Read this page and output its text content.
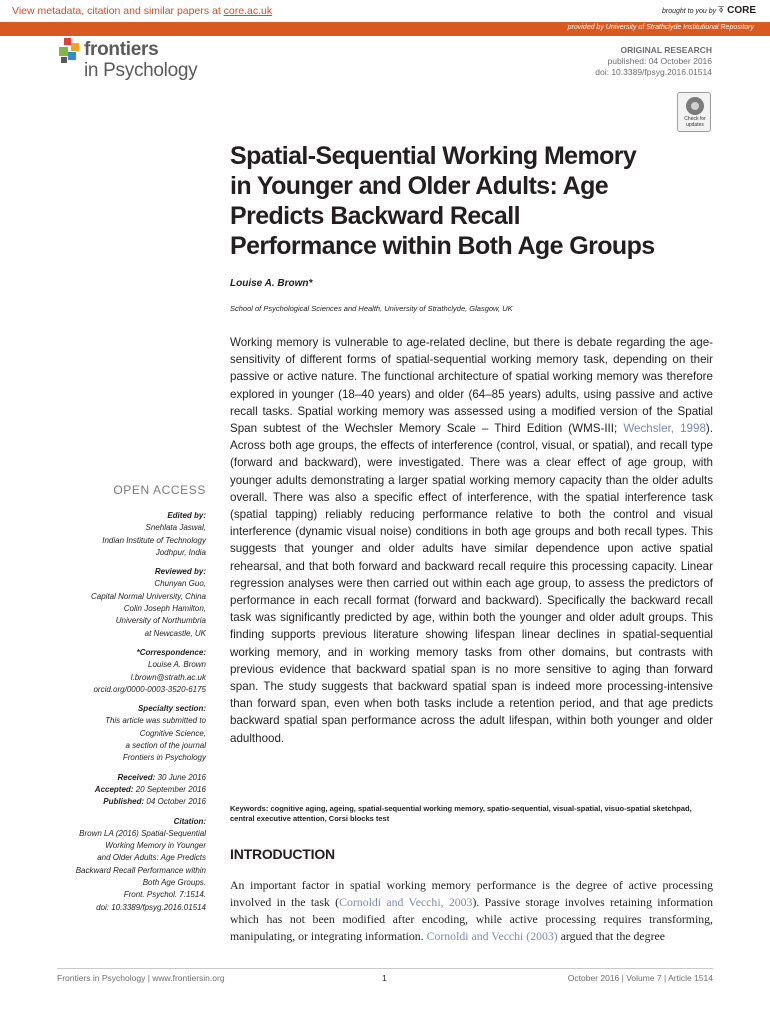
View metadata, citation and similar papers at core.ac.uk	brought to you by ⍕ CORE
provided by University of Strathclyde Institutional Repository
frontiers
in Psychology
ORIGINAL RESEARCH
published: 04 October 2016
doi: 10.3389/fpsyg.2016.01514
Check for
updates
Spatial-Sequential Working Memory
in Younger and Older Adults: Age
Predicts Backward Recall
Performance within Both Age Groups
Louise A. Brown*
School of Psychological Sciences and Health, University of Strathclyde, Glasgow, UK
Working memory is vulnerable to age-related decline, but there is debate regarding the age-sensitivity of different forms of spatial-sequential working memory task, depending on their passive or active nature. The functional architecture of spatial working memory was therefore explored in younger (18–40 years) and older (64–85 years) adults, using passive and active recall tasks. Spatial working memory was assessed using a modified version of the Spatial Span subtest of the Wechsler Memory Scale – Third Edition (WMS-III; Wechsler, 1998). Across both age groups, the effects of interference (control, visual, or spatial), and recall type (forward and backward), were investigated. There was a clear effect of age group, with younger adults demonstrating a larger spatial working memory capacity than the older adults overall. There was also a specific effect of interference, with the spatial interference task (spatial tapping) reliably reducing performance relative to both the control and visual interference (dynamic visual noise) conditions in both age groups and both recall types. This suggests that younger and older adults have similar dependence upon active spatial rehearsal, and that both forward and backward recall require this processing capacity. Linear regression analyses were then carried out within each age group, to assess the predictors of performance in each recall format (forward and backward). Specifically the backward recall task was significantly predicted by age, within both the younger and older adult groups. This finding supports previous literature showing lifespan linear declines in spatial-sequential working memory, and in working memory tasks from other domains, but contrasts with previous evidence that backward spatial span is no more sensitive to aging than forward span. The study suggests that backward spatial span is indeed more processing-intensive than forward span, even when both tasks include a retention period, and that age predicts backward spatial span performance across the adult lifespan, within both younger and older adulthood.
Keywords: cognitive aging, ageing, spatial-sequential working memory, spatio-sequential, visual-spatial, visuo-spatial sketchpad, central executive attention, Corsi blocks test
OPEN ACCESS
Edited by:
Snehlata Jaswal,
Indian Institute of Technology
Jodhpur, India
Reviewed by:
Chunyan Guo,
Capital Normal University, China
Colin Joseph Hamilton,
University of Northumbria
at Newcastle, UK
*Correspondence:
Louise A. Brown
l.brown@strath.ac.uk
orcid.org/0000-0003-3520-6175
Specialty section:
This article was submitted to
Cognitive Science,
a section of the journal
Frontiers in Psychology
Received: 30 June 2016
Accepted: 20 September 2016
Published: 04 October 2016
Citation:
Brown LA (2016) Spatial-Sequential
Working Memory in Younger
and Older Adults: Age Predicts
Backward Recall Performance within
Both Age Groups.
Front. Psychol. 7:1514.
doi: 10.3389/fpsyg.2016.01514
INTRODUCTION
An important factor in spatial working memory performance is the degree of active processing involved in the task (Cornoldi and Vecchi, 2003). Passive storage involves retaining information which has not been modified after encoding, while active processing requires transforming, manipulating, or integrating information. Cornoldi and Vecchi (2003) argued that the degree
Frontiers in Psychology | www.frontiersin.org	1	October 2016 | Volume 7 | Article 1514
